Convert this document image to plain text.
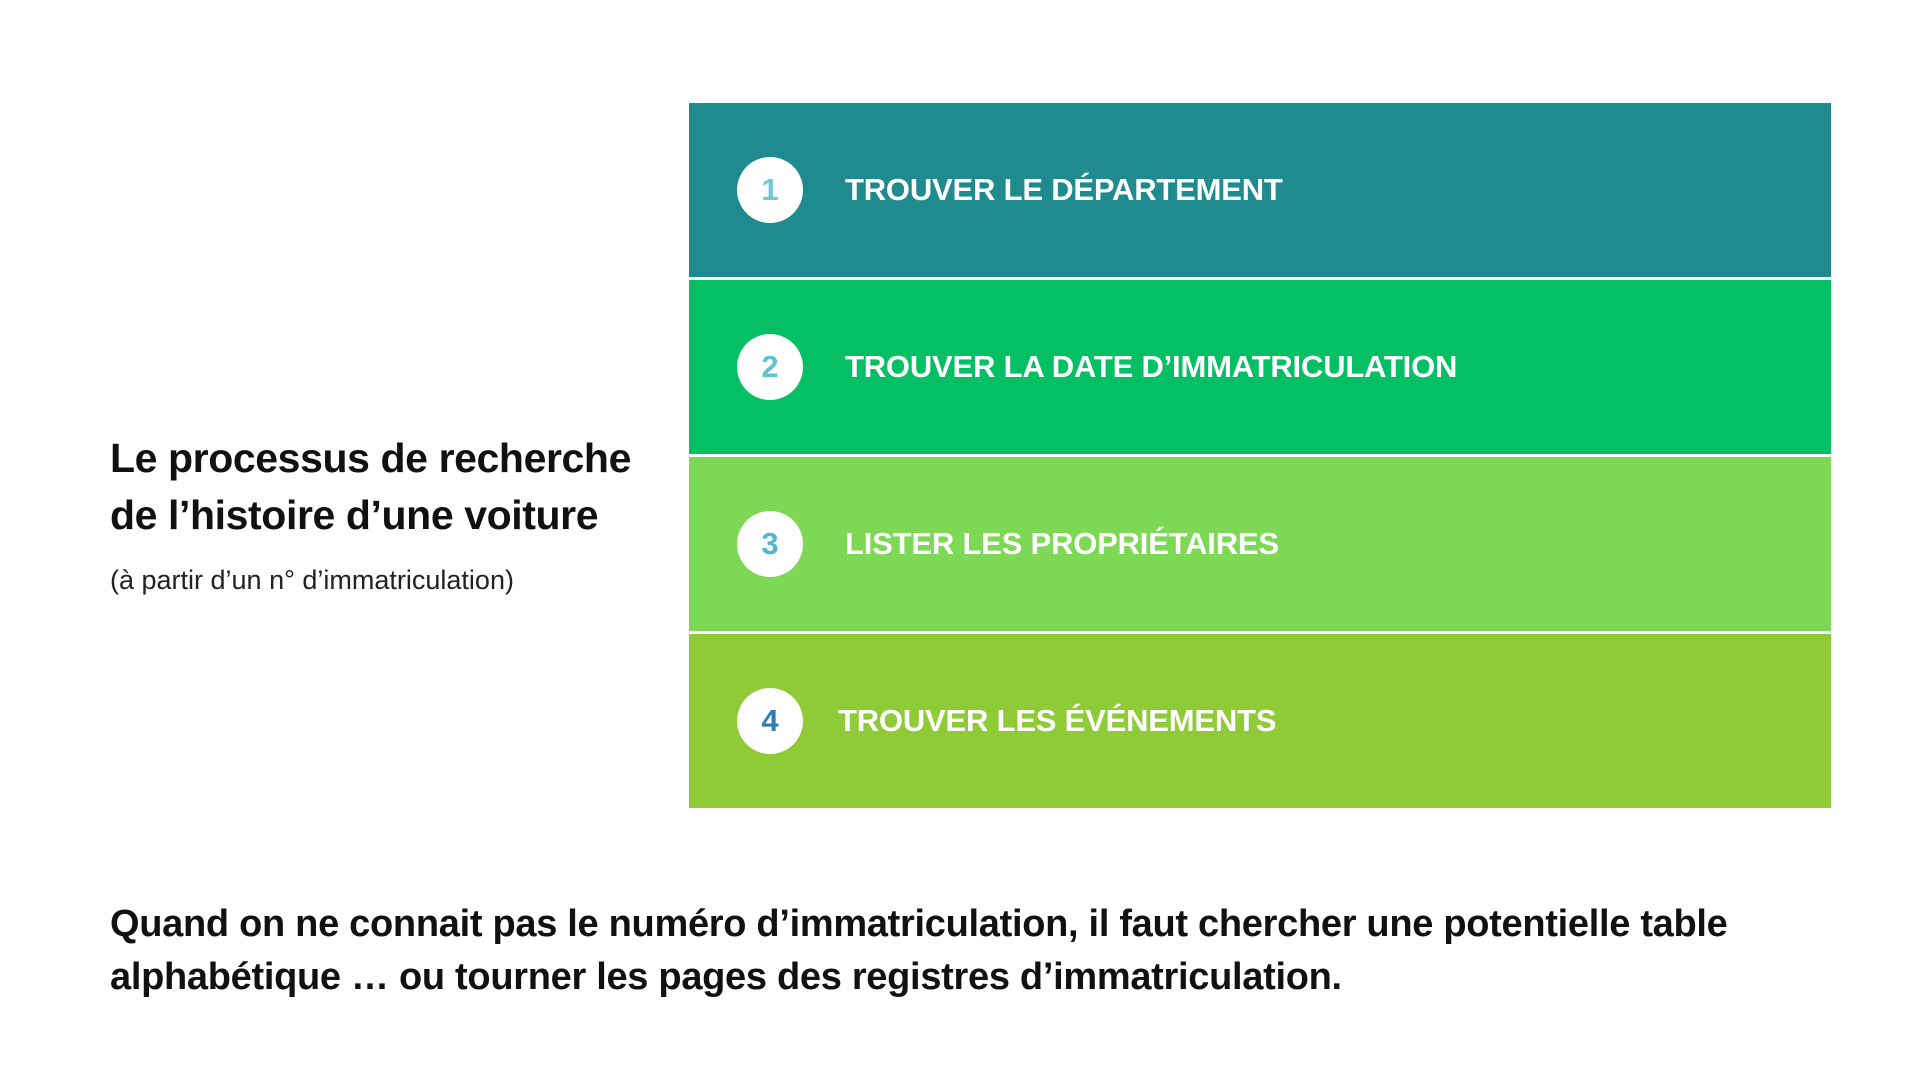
Le processus de recherche de l’histoire d’une voiture

(à partir d’un n° d’immatriculation)

1	TROUVER LE DÉPARTEMENT
2	TROUVER LA DATE D’IMMATRICULATION
3	LISTER LES PROPRIÉTAIRES
4	TROUVER LES ÉVÉNEMENTS

Quand on ne connait pas le numéro d’immatriculation, il faut chercher une potentielle table alphabétique … ou tourner les pages des registres d’immatriculation.
